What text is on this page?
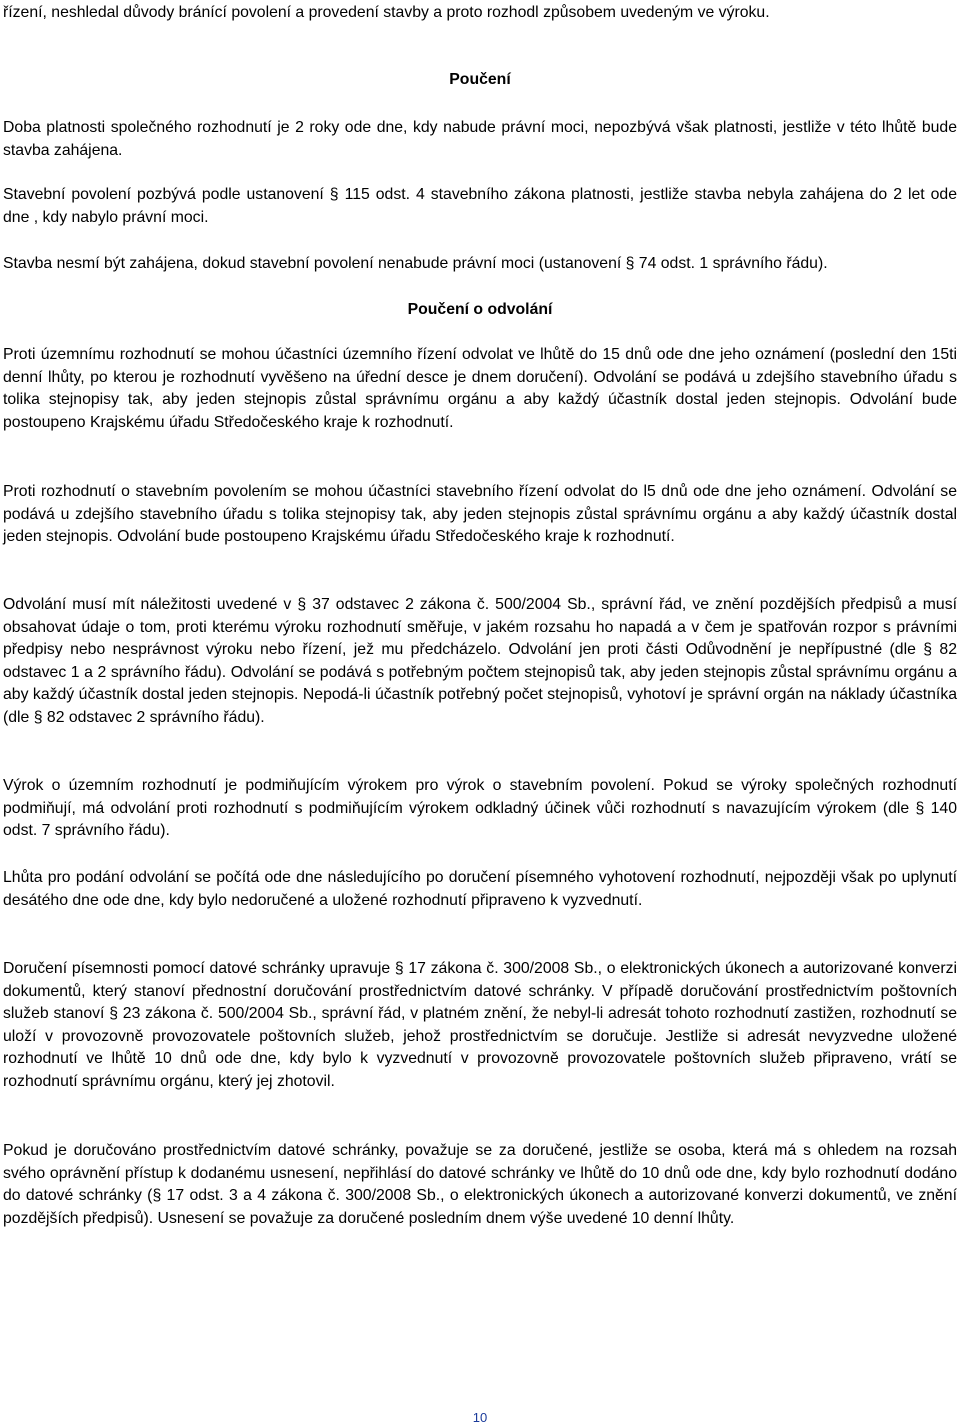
řízení, neshledal důvody bránící povolení a provedení stavby a proto rozhodl způsobem uvedeným ve výroku.

Poučení

Doba platnosti společného rozhodnutí je 2 roky ode dne, kdy nabude právní moci, nepozbývá však platnosti, jestliže v této lhůtě bude stavba zahájena.

Stavební povolení pozbývá podle ustanovení § 115 odst. 4 stavebního zákona platnosti, jestliže stavba nebyla zahájena do 2 let ode dne , kdy nabylo právní moci.

Stavba nesmí být zahájena, dokud stavební povolení nenabude právní moci (ustanovení § 74 odst. 1 správního řádu).

Poučení o odvolání

Proti územnímu rozhodnutí se mohou účastníci územního řízení odvolat ve lhůtě do 15 dnů ode dne jeho oznámení (poslední den 15ti denní lhůty, po kterou je rozhodnutí vyvěšeno na úřední desce je dnem doručení). Odvolání se podává u zdejšího stavebního úřadu s tolika stejnopisy tak, aby jeden stejnopis zůstal správnímu orgánu a aby každý účastník dostal jeden stejnopis. Odvolání bude postoupeno Krajskému úřadu Středočeského kraje k rozhodnutí.

Proti rozhodnutí o stavebním povolením se mohou účastníci stavebního řízení odvolat do l5 dnů ode dne jeho oznámení. Odvolání se podává u zdejšího stavebního úřadu s tolika stejnopisy tak, aby jeden stejnopis zůstal správnímu orgánu a aby každý účastník dostal jeden stejnopis. Odvolání bude postoupeno Krajskému úřadu Středočeského kraje k rozhodnutí.

Odvolání musí mít náležitosti uvedené v § 37 odstavec 2 zákona č. 500/2004 Sb., správní řád, ve znění pozdějších předpisů a musí obsahovat údaje o tom, proti kterému výroku rozhodnutí směřuje, v jakém rozsahu ho napadá a v čem je spatřován rozpor s právními předpisy nebo nesprávnost výroku nebo řízení, jež mu předcházelo. Odvolání jen proti části Odůvodnění je nepřípustné (dle § 82 odstavec 1 a 2 správního řádu). Odvolání se podává s potřebným počtem stejnopisů tak, aby jeden stejnopis zůstal správnímu orgánu a aby každý účastník dostal jeden stejnopis. Nepodá-li účastník potřebný počet stejnopisů, vyhotoví je správní orgán na náklady účastníka (dle § 82 odstavec 2 správního řádu).

Výrok o územním rozhodnutí je podmiňujícím výrokem pro výrok o stavebním povolení. Pokud se výroky společných rozhodnutí podmiňují, má odvolání proti rozhodnutí s podmiňujícím výrokem odkladný účinek vůči rozhodnutí s navazujícím výrokem (dle § 140 odst. 7 správního řádu).

Lhůta pro podání odvolání se počítá ode dne následujícího po doručení písemného vyhotovení rozhodnutí, nejpozději však po uplynutí desátého dne ode dne, kdy bylo nedoručené a uložené rozhodnutí připraveno k vyzvednutí.

Doručení písemnosti pomocí datové schránky upravuje § 17 zákona č. 300/2008 Sb., o elektronických úkonech a autorizované konverzi dokumentů, který stanoví přednostní doručování prostřednictvím datové schránky. V případě doručování prostřednictvím poštovních služeb stanoví § 23 zákona č. 500/2004 Sb., správní řád, v platném znění, že nebyl-li adresát tohoto rozhodnutí zastižen, rozhodnutí se uloží v provozovně provozovatele poštovních služeb, jehož prostřednictvím se doručuje. Jestliže si adresát nevyzvedne uložené rozhodnutí ve lhůtě 10 dnů ode dne, kdy bylo k vyzvednutí v provozovně provozovatele poštovních služeb připraveno, vrátí se rozhodnutí správnímu orgánu, který jej zhotovil.

Pokud je doručováno prostřednictvím datové schránky, považuje se za doručené, jestliže se osoba, která má s ohledem na rozsah svého oprávnění přístup k dodanému usnesení, nepřihlásí do datové schránky ve lhůtě do 10 dnů ode dne, kdy bylo rozhodnutí dodáno do datové schránky (§ 17 odst. 3 a 4 zákona č. 300/2008 Sb., o elektronických úkonech a autorizované konverzi dokumentů, ve znění pozdějších předpisů). Usnesení se považuje za doručené posledním dnem výše uvedené 10 denní lhůty.

10
